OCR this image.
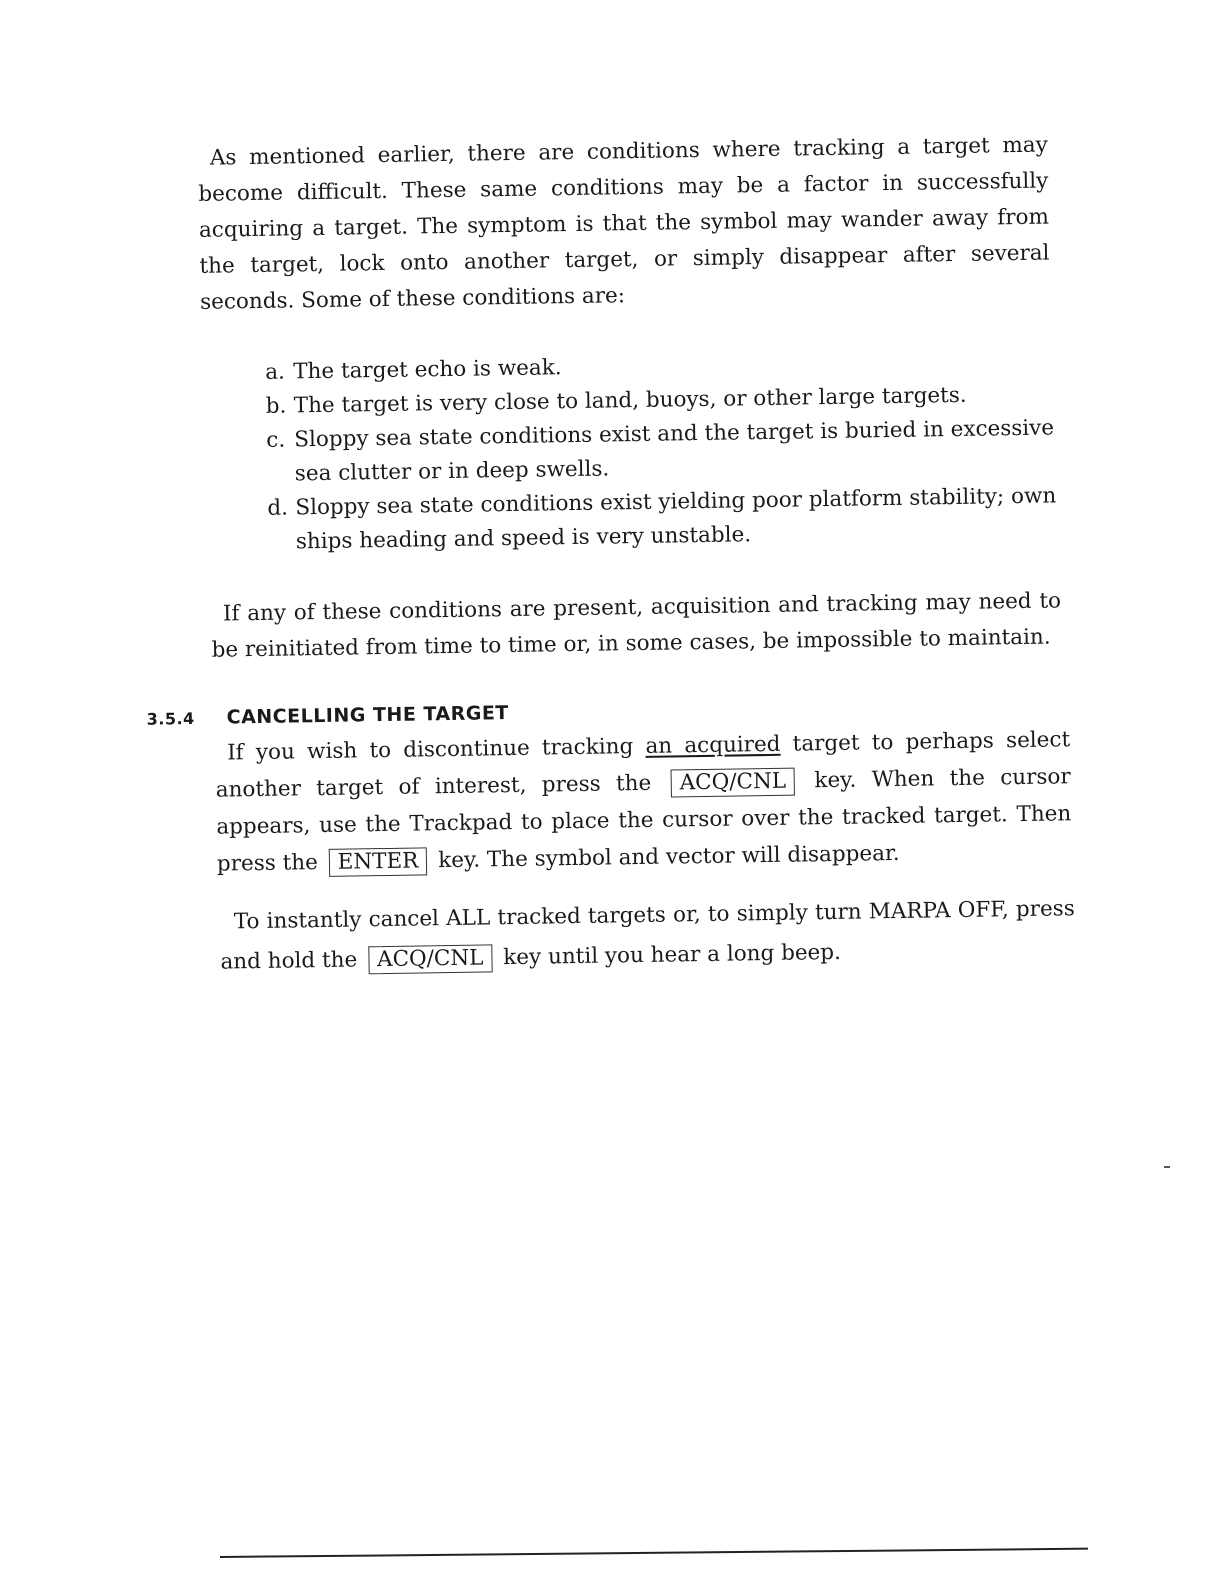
As mentioned earlier, there are conditions where tracking a target may become difficult. These same conditions may be a factor in successfully acquiring a target. The symptom is that the symbol may wander away from the target, lock onto another target, or simply disappear after several seconds. Some of these conditions are:

a. The target echo is weak.
b. The target is very close to land, buoys, or other large targets.
c. Sloppy sea state conditions exist and the target is buried in excessive sea clutter or in deep swells.
d. Sloppy sea state conditions exist yielding poor platform stability; own ships heading and speed is very unstable.

If any of these conditions are present, acquisition and tracking may need to be reinitiated from time to time or, in some cases, be impossible to maintain.

3.5.4 CANCELLING THE TARGET

If you wish to discontinue tracking an acquired target to perhaps select another target of interest, press the ACQ/CNL key. When the cursor appears, use the Trackpad to place the cursor over the tracked target. Then press the ENTER key. The symbol and vector will disappear.

To instantly cancel ALL tracked targets or, to simply turn MARPA OFF, press and hold the ACQ/CNL key until you hear a long beep.
